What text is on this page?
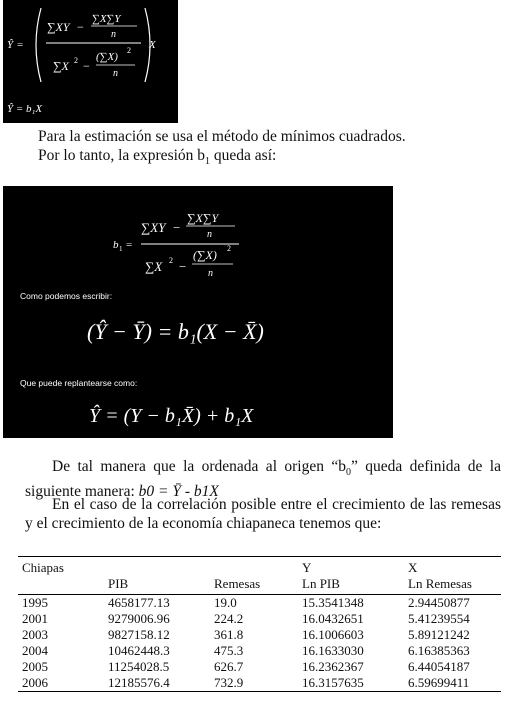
Ŷ =
∑XY −
∑X∑Y
n
∑X 2 −
(∑X)
2
n
X
Ŷ = b₁X

Para la estimación se usa el método de mínimos cuadrados.
Por lo tanto, la expresión $b_1$ queda así:

b 1 =
∑XY −
∑X∑Y
n
∑X 2 −
(∑X) 2
n
Como podemos escribir:
(Ŷ − Ȳ) = b₁(X − X̄)
Que puede replantearse como:
Ŷ = (Y − b₁X̄) + b₁X

De tal manera que la ordenada al origen “$b_0$” queda definida de la siguiente manera: b0 = Ȳ - b1X

En el caso de la correlación posible entre el crecimiento de las remesas y el crecimiento de la economía chiapaneca tenemos que:

Chiapas			Y	X
	PIB	Remesas	Ln PIB	Ln Remesas
1995	4658177.13	19.0	15.3541348	2.94450877
2001	9279006.96	224.2	16.0432651	5.41239554
2003	9827158.12	361.8	16.1006603	5.89121242
2004	10462448.3	475.3	16.1633030	6.16385363
2005	11254028.5	626.7	16.2362367	6.44054187
2006	12185576.4	732.9	16.3157635	6.59699411
